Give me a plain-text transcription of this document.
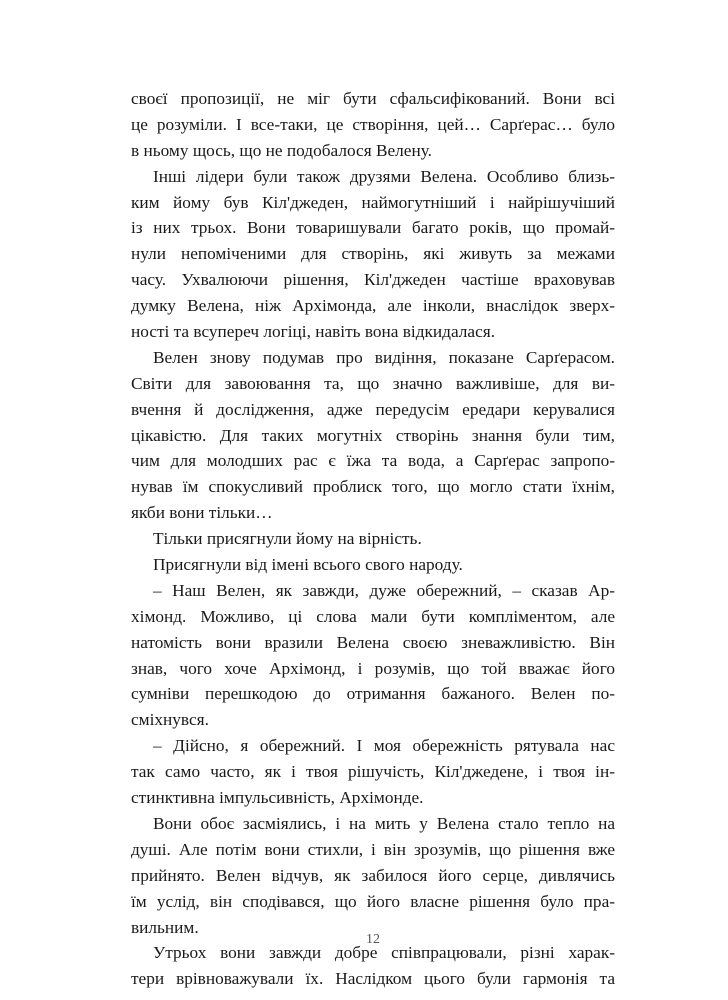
своєї пропозиції, не міг бути сфальсифікований. Вони всі
це розуміли. І все-таки, це створіння, цей… Сарґерас… було
в ньому щось, що не подобалося Велену.
Інші лідери були також друзями Велена. Особливо близь-
ким йому був Кіл'джеден, наймогутніший і найрішучіший
із них трьох. Вони товаришували багато років, що промай-
нули непоміченими для створінь, які живуть за межами
часу. Ухвалюючи рішення, Кіл'джеден частіше враховував
думку Велена, ніж Архімонда, але інколи, внаслідок зверх-
ності та всупереч логіці, навіть вона відкидалася.
Велен знову подумав про видіння, показане Сарґерасом.
Світи для завоювання та, що значно важливіше, для ви-
вчення й дослідження, адже передусім ередари керувалися
цікавістю. Для таких могутніх створінь знання були тим,
чим для молодших рас є їжа та вода, а Сарґерас запропо-
нував їм спокусливий проблиск того, що могло стати їхнім,
якби вони тільки…
Тільки присягнули йому на вірність.
Присягнули від імені всього свого народу.
– Наш Велен, як завжди, дуже обережний, – сказав Ар-
хімонд. Можливо, ці слова мали бути компліментом, але
натомість вони вразили Велена своєю зневажливістю. Він
знав, чого хоче Архімонд, і розумів, що той вважає його
сумніви перешкодою до отримання бажаного. Велен по-
сміхнувся.
– Дійсно, я обережний. І моя обережність рятувала нас
так само часто, як і твоя рішучість, Кіл'джедене, і твоя ін-
стинктивна імпульсивність, Архімонде.
Вони обоє засміялись, і на мить у Велена стало тепло на
душі. Але потім вони стихли, і він зрозумів, що рішення вже
прийнято. Велен відчув, як забилося його серце, дивлячись
їм услід, він сподівався, що його власне рішення було пра-
вильним.
Утрьох вони завжди добре співпрацювали, різні харак-
тери врівноважували їх. Наслідком цього були гармонія та
12
